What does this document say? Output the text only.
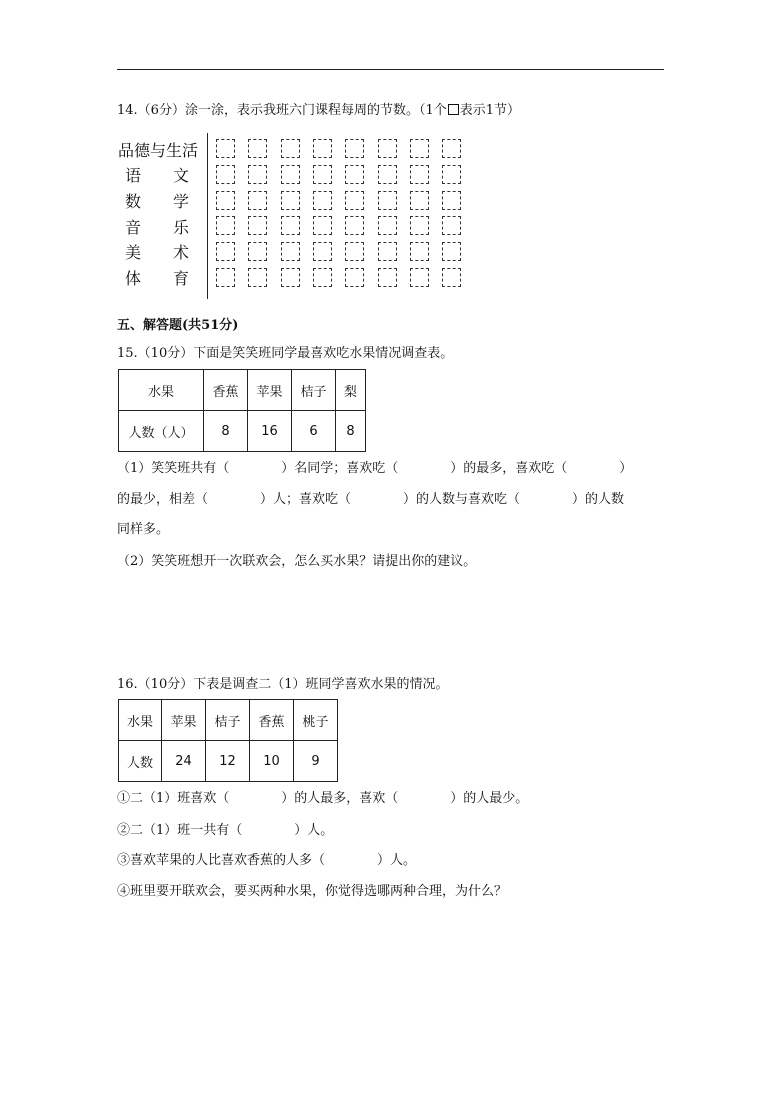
14.（6分）涂一涂，表示我班六门课程每周的节数。（1个 表示1节）
品德与生活
语 文
数 学
音 乐
美 术
体 育
五、解答题(共51分)
15.（10分）下面是笑笑班同学最喜欢吃水果情况调查表。
水果	香蕉	苹果	桔子	梨
人数（人）	8	16	6	8
（1）笑笑班共有（　　　　）名同学；喜欢吃（　　　　）的最多，喜欢吃（　　　　）
的最少，相差（　　　　）人；喜欢吃（　　　　）的人数与喜欢吃（　　　　）的人数
同样多。
（2）笑笑班想开一次联欢会，怎么买水果？请提出你的建议。
16.（10分）下表是调查二（1）班同学喜欢水果的情况。
水果	苹果	桔子	香蕉	桃子
人数	24	12	10	9
①二（1）班喜欢（　　　　）的人最多，喜欢（　　　　）的人最少。
②二（1）班一共有（　　　　）人。
③喜欢苹果的人比喜欢香蕉的人多（　　　　）人。
④班里要开联欢会，要买两种水果，你觉得选哪两种合理，为什么？
